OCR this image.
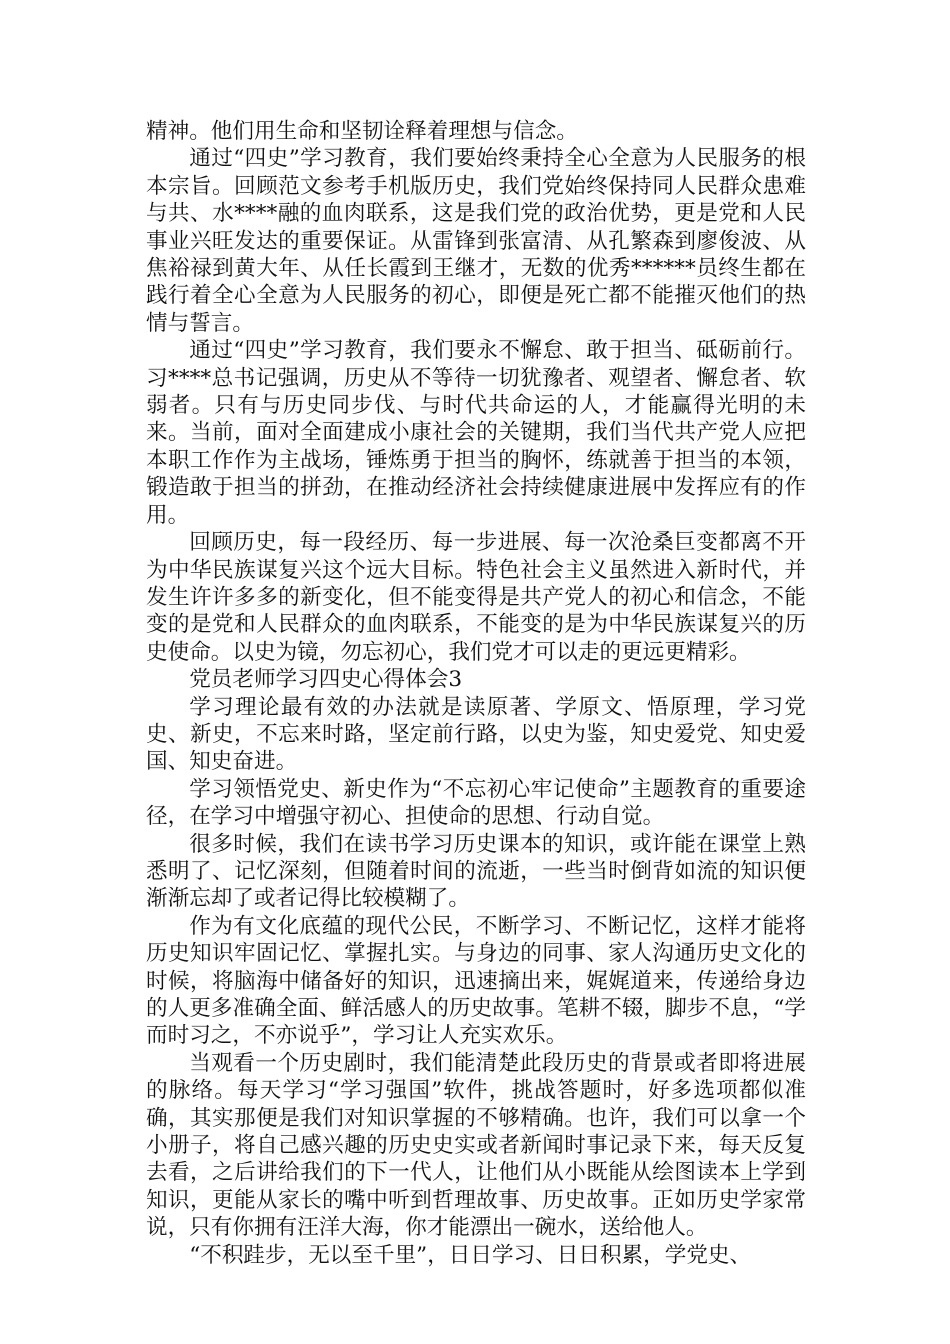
精神。他们用生命和坚韧诠释着理想与信念。

通过“四史”学习教育，我们要始终秉持全心全意为人民服务的根本宗旨。回顾范文参考手机版历史，我们党始终保持同人民群众患难与共、水****融的血肉联系，这是我们党的政治优势，更是党和人民事业兴旺发达的重要保证。从雷锋到张富清、从孔繁森到廖俊波、从焦裕禄到黄大年、从任长霞到王继才，无数的优秀******员终生都在践行着全心全意为人民服务的初心，即便是死亡都不能摧灭他们的热情与誓言。

通过“四史”学习教育，我们要永不懈怠、敢于担当、砥砺前行。习****总书记强调，历史从不等待一切犹豫者、观望者、懈怠者、软弱者。只有与历史同步伐、与时代共命运的人，才能赢得光明的未来。当前，面对全面建成小康社会的关键期，我们当代共产党人应把本职工作作为主战场，锤炼勇于担当的胸怀，练就善于担当的本领，锻造敢于担当的拼劲，在推动经济社会持续健康进展中发挥应有的作用。

回顾历史，每一段经历、每一步进展、每一次沧桑巨变都离不开为中华民族谋复兴这个远大目标。特色社会主义虽然进入新时代，并发生许许多多的新变化，但不能变得是共产党人的初心和信念，不能变的是党和人民群众的血肉联系，不能变的是为中华民族谋复兴的历史使命。以史为镜，勿忘初心，我们党才可以走的更远更精彩。

党员老师学习四史心得体会3

学习理论最有效的办法就是读原著、学原文、悟原理，学习党史、新史，不忘来时路，坚定前行路，以史为鉴，知史爱党、知史爱国、知史奋进。

学习领悟党史、新史作为“不忘初心牢记使命”主题教育的重要途径，在学习中增强守初心、担使命的思想、行动自觉。

很多时候，我们在读书学习历史课本的知识，或许能在课堂上熟悉明了、记忆深刻，但随着时间的流逝，一些当时倒背如流的知识便渐渐忘却了或者记得比较模糊了。

作为有文化底蕴的现代公民，不断学习、不断记忆，这样才能将历史知识牢固记忆、掌握扎实。与身边的同事、家人沟通历史文化的时候，将脑海中储备好的知识，迅速摘出来，娓娓道来，传递给身边的人更多准确全面、鲜活感人的历史故事。笔耕不辍，脚步不息，“学而时习之，不亦说乎”，学习让人充实欢乐。

当观看一个历史剧时，我们能清楚此段历史的背景或者即将进展的脉络。每天学习“学习强国”软件，挑战答题时，好多选项都似准确，其实那便是我们对知识掌握的不够精确。也许，我们可以拿一个小册子，将自己感兴趣的历史史实或者新闻时事记录下来，每天反复去看，之后讲给我们的下一代人，让他们从小既能从绘图读本上学到知识，更能从家长的嘴中听到哲理故事、历史故事。正如历史学家常说，只有你拥有汪洋大海，你才能漂出一碗水，送给他人。

“不积跬步，无以至千里”，日日学习、日日积累，学党史、
